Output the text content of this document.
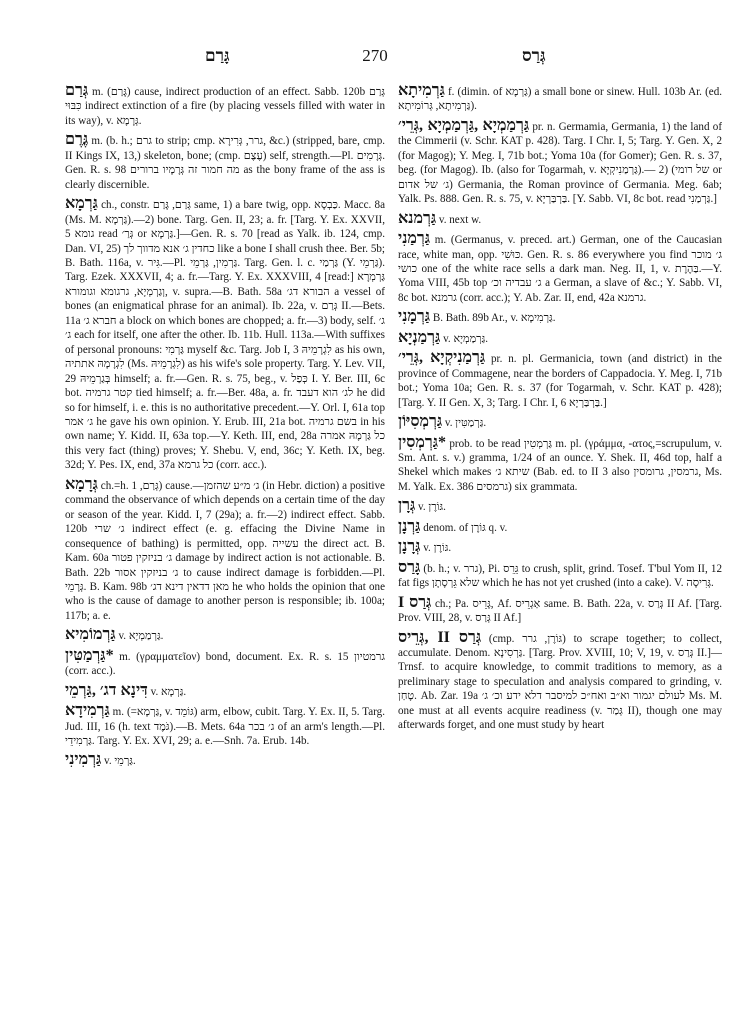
גָּרַם	270	גְּרַס

גְּרַם m. (גָּרַם) cause, indirect production of an effect. Sabb. 120b גְּרַם כִּבּוּי indirect extinction of a fire (by placing vessels filled with water in its way), v. גְּרָמָא.

גֶּרֶם m. (b. h.; גרם to strip; cmp. גרר, גְּרִירָא, &c.) (stripped, bare, cmp. II Kings IX, 13,) skeleton, bone; (cmp. עֶצֶם) self, strength.—Pl. גְּרָמִים. Gen. R. s. 98 מה חמור זה גְּרָמָיו ברורים as the bony frame of the ass is clearly discernible.

גַּרְמָא ch., constr. גְּרַם, גָּרַם same, 1) a bare twig, opp. כַּבְסָא. Macc. 8a (Ms. M. גַּרְמָא).—2) bone. Targ. Gen. II, 23; a. fr. [Targ. Y. Ex. XXVII, 5 גומא read גְּרַ׳ or גַּרְמָא.]—Gen. R. s. 70 [read as Yalk. ib. 124, cmp. Dan. VI, 25) כחדין ג׳ אנא מדווך לך like a bone I shall crush thee. Ber. 5b; B. Bath. 116a, v. גִּיר.—Pl. גַּרְמִין, גַּרְמֵי. Targ. Gen. l. c. גַּרְמַי (Y. גַּרְמֵי). Targ. Ezek. XXXVII, 4; a. fr.—Targ. Y. Ex. XXXVIII, 4 [read:] גַּרְמְרָא וְגַרְמְיָא, גרגומא וגומורא, v. supra.—B. Bath. 58a הבורא דג׳ a vessel of bones (an enigmatical phrase for an animal). Ib. 22a, v. גְּרַם II.—Bets. 11a חברא ג׳ a block on which bones are chopped; a. fr.—3) body, self. ג׳ ג׳ each for itself, one after the other. Ib. 11b. Hull. 113a.—With suffixes of personal pronouns: גַּרְמִי myself &c. Targ. Job I, 3 לִגְרָמֵיהּ as his own, לִגְרָמָהּ אתתיה (Ms. לִגְרָמֵיהּ) as his wife's sole property. Targ. Y. Lev. VII, 29 בְּגַרְמֵיהּ himself; a. fr.—Gen. R. s. 75, beg., v. כְּפַל I. Y. Ber. III, 6c bot. קטר גרמיה tied himself; a. fr.—Ber. 48a, a. fr. לג׳ הוא דעבד he did so for himself, i. e. this is no authoritative precedent.—Y. Orl. I, 61a top ג׳ אמר he gave his own opinion. Y. Erub. III, 21a bot. בשם גרמיה in his own name; Y. Kidd. II, 63a top.—Y. Keth. III, end, 28a כל גַּרְמָהּ אמרה this very fact (thing) proves; Y. Shebu. V, end, 36c; Y. Keth. IX, beg. 32d; Y. Pes. IX, end, 37a כל גרמא (corr. acc.).

גְּרָמָא ch.=h. גְּרַם, 1) cause.—ג׳ מ״ע שהזמן (in Hebr. diction) a positive command the observance of which depends on a certain time of the day or season of the year. Kidd. I, 7 (29a); a. fr.—2) indirect effect. Sabb. 120b ג׳ שרי indirect effect (e. g. effacing the Divine Name in consequence of bathing) is permitted, opp. עשייה the direct act. B. Kam. 60a ג׳ בניזקין פטור damage by indirect action is not actionable. B. Bath. 22b ג׳ בניזקין אסור to cause indirect damage is forbidden.—Pl. גְּרָמֵי. B. Kam. 98b מאן דדאין דינא דג׳ he who holds the opinion that one who is the cause of damage to another person is responsible; ib. 100a; 117b; a. e.

גַּרְמוֹמִיא v. גַּרְמַמְיָא.

*גַּרְמַטִּין m. (γραμματεῖον) bond, document. Ex. R. s. 15 גרמטיון (corr. acc.).

דִּינָא דג׳ ,גַּרְמֵי v. גַּרְמָא.

גַּרְמִידָא m. (=גַּרְמָא, v. גּוֹמֵד) arm, elbow, cubit. Targ. Y. Ex. II, 5. Targ. Jud. III, 16 (h. text גֹּמֶד).—B. Mets. 64a ג׳ בכר of an arm's length.—Pl. גַּרְמִידֵי. Targ. Y. Ex. XVI, 29; a. e.—Snh. 7a. Erub. 14b.

גַּרְמִינִי v. גַּרְמֵי.

גַּרְמִיתָא f. (dimin. of גַּרְמָא) a small bone or sinew. Hull. 103b Ar. (ed. גַּרְמִיתָא, גְּרוֹמִיתָא).

גַּרְמַמְיָא ,גַּרְמַמְיָא ,גְּרֵי׳ pr. n. Germamia, Germania, 1) the land of the Cimmerii (v. Schr. KAT p. 428). Targ. I Chr. I, 5; Targ. Y. Gen. X, 2 (for Magog); Y. Meg. I, 71b bot.; Yoma 10a (for Gomer); Gen. R. s. 37, beg. (for Magog). Ib. (also for Togarmah, v. גַּרְמַנִיקְיָא).— 2) (של רומי or ג׳ של אדום) Germania, the Roman province of Germania. Meg. 6ab; Yalk. Ps. 888. Gen. R. s. 75, v. בַּרְבַּרְיָא. [Y. Sabb. VI, 8c bot. read גַּרְמַנִי.]

גַּרְמנא v. next w.

גַּרְמַנִי m. (Germanus, v. preced. art.) German, one of the Caucasian race, white man, opp. כּוּשִׁי. Gen. R. s. 86 everywhere you find ג׳ מוכר כושי one of the white race sells a dark man. Neg. II, 1, v. בַּהֶרֶת.—Y. Yoma VIII, 45b top ג׳ עבדיה וכ׳ a German, a slave of &c.; Y. Sabb. VI, 8c bot. גרמנא (corr. acc.); Y. Ab. Zar. II, end, 42a גרמנא.

גַּרְמָנִי B. Bath. 89b Ar., v. גַּרְמִימָא.

גַּרְמַנְיָא v. גַּרְמַמְיָא.

גַּרְמַנִיקְיָא ,גְּרֵי׳ pr. n. pl. Germanicia, town (and district) in the province of Commagene, near the borders of Cappadocia. Y. Meg. I, 71b bot.; Yoma 10a; Gen. R. s. 37 (for Togarmah, v. Schr. KAT p. 428); [Targ. Y. II Gen. X, 3; Targ. I Chr. I, 6 בַּרְבַּרְיָא.]

גַּרְמְסִיּוֹן v. גַּרְמַטִּין.

*גַּרְמְסִין prob. to be read גַּרְמְטִין m. pl. (γράμμα, -ατος,=scrupulum, v. Sm. Ant. s. v.) gramma, 1/24 of an ounce. Y. Shek. II, 46d top, half a Shekel which makes שיתא ג׳ (Bab. ed. to II 3 also גרמסין, גרומסין, Ms. M. Yalk. Ex. 386 גרמסים) six grammata.

גְּרָן v. גּוֹרֶן.

גַּרְנָן denom. of גּוֹרֶן q. v.

גְּרָנָן v. גּוֹרֶן.

גָּרַס (b. h.; v. גרר), Pi. גֵּרֵס to crush, split, grind. Tosef. T'bul Yom II, 12 fat figs שלא גֵּרְסָתָן which he has not yet crushed (into a cake). V. גְּרִיסָה.

גְּרַס I ch.; Pa. גָּרֵיס, Af. אַגְרֵיס same. B. Bath. 22a, v. גְּרַס II Af. [Targ. Prov. VIII, 28, v. גְּרַס II Af.]

גְּרַס II ,גְּרֵיס (cmp. גּוֹרֶן, גרר) to scrape together; to collect, accumulate. Denom. גַּרְסִינָא. [Targ. Prov. XVIII, 10; V, 19, v. גְּרַס II.]—Trnsf. to acquire knowledge, to commit traditions to memory, as a preliminary stage to speculation and analysis compared to grinding, v. טָחַן. Ab. Zar. 19a לעולם יגמור וא״ב ואח״כ למיסבר דלא ידע וכ׳ ג׳ Ms. M. one must at all events acquire readiness (v. גְּמַר II), though one may afterwards forget, and one must study by heart
